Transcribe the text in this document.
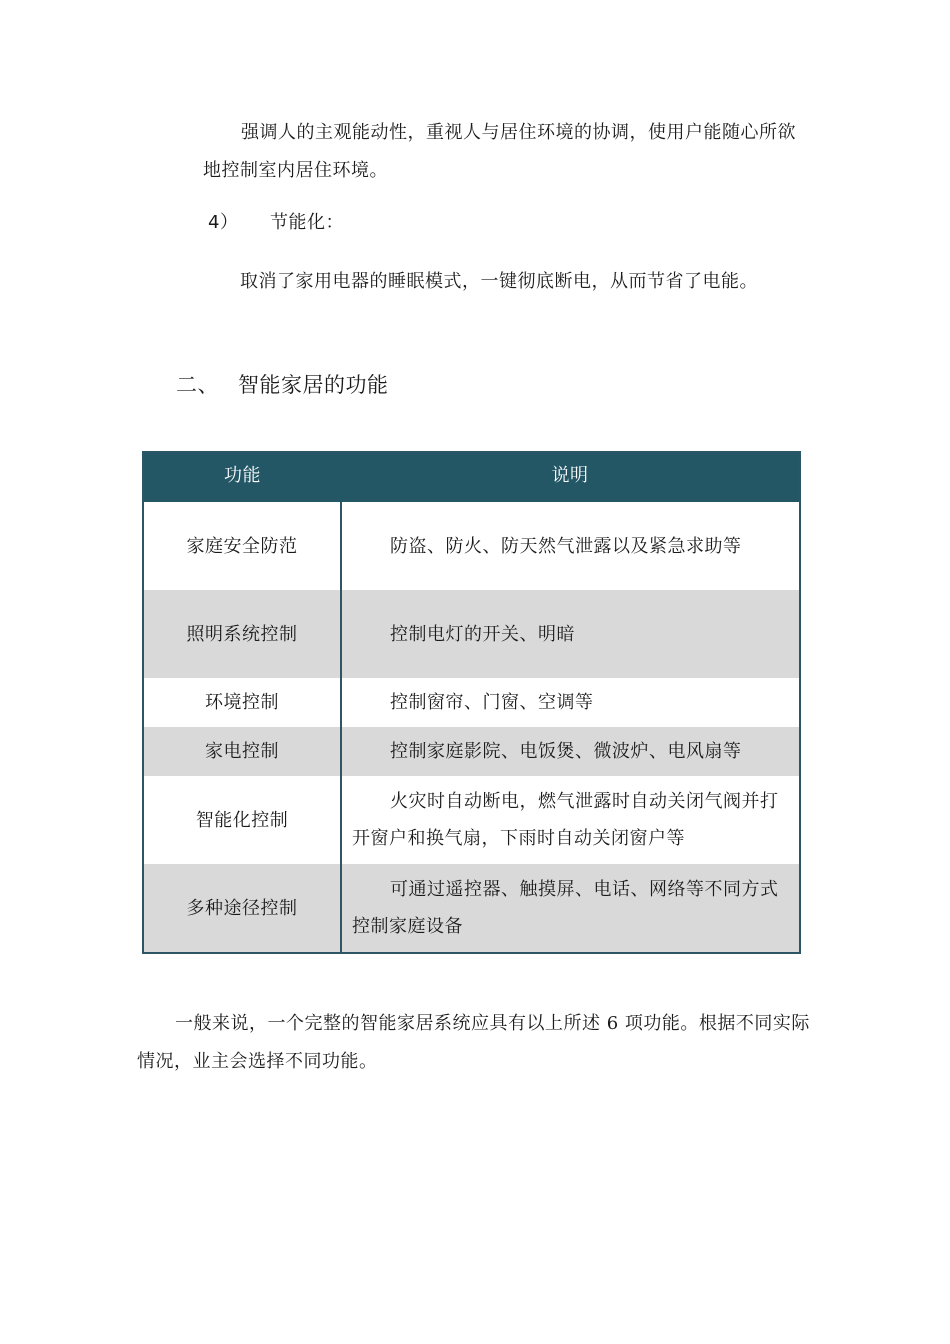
强调人的主观能动性，重视人与居住环境的协调，使用户能随心所欲地控制室内居住环境。
4） 节能化：
取消了家用电器的睡眠模式，一键彻底断电，从而节省了电能。
二、 智能家居的功能
功能	说明
家庭安全防范	防盗、防火、防天然气泄露以及紧急求助等

照明系统控制	控制电灯的开关、明暗

环境控制	控制窗帘、门窗、空调等

家电控制	控制家庭影院、电饭煲、微波炉、电风扇等

智能化控制	火灾时自动断电，燃气泄露时自动关闭气阀并打开窗户和换气扇，下雨时自动关闭窗户等

多种途径控制	可通过遥控器、触摸屏、电话、网络等不同方式控制家庭设备
一般来说，一个完整的智能家居系统应具有以上所述 6 项功能。根据不同实际情况，业主会选择不同功能。
